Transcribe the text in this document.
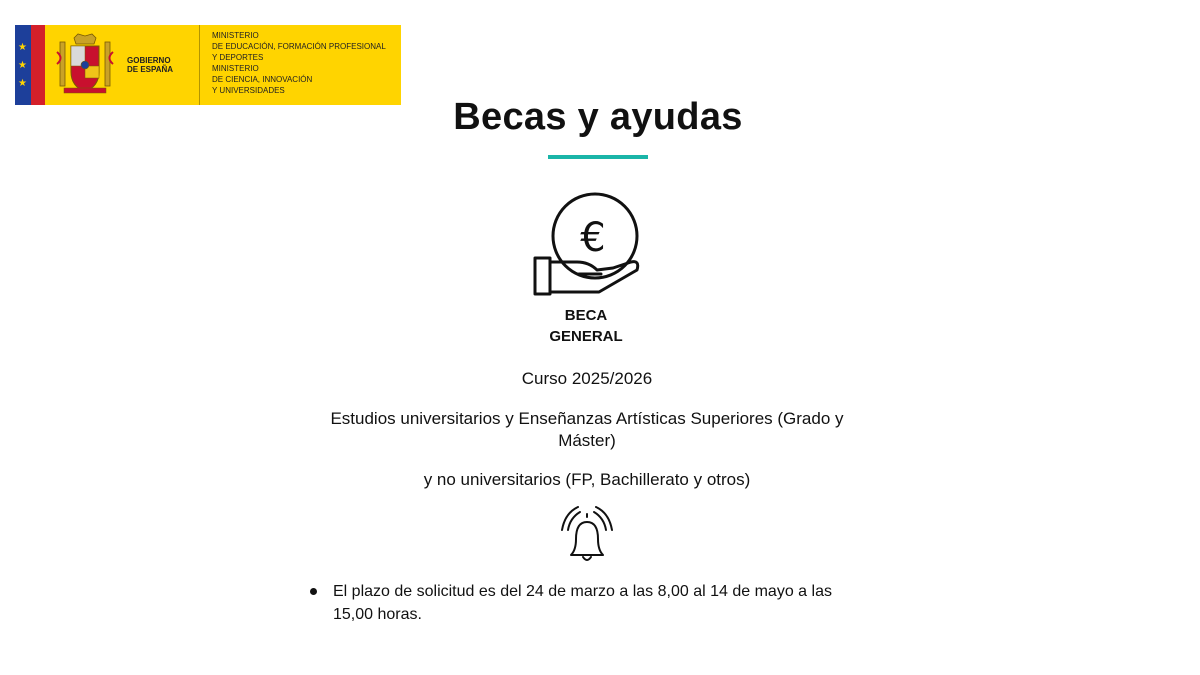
★
★
★
GOBIERNO
DE ESPAÑA
MINISTERIO
DE EDUCACIÓN, FORMACIÓN PROFESIONAL
Y DEPORTES
MINISTERIO
DE CIENCIA, INNOVACIÓN
Y UNIVERSIDADES
Becas y ayudas
€
BECA
GENERAL
Curso 2025/2026
Estudios universitarios y Enseñanzas Artísticas Superiores (Grado y Máster)
y no universitarios (FP, Bachillerato y otros)
El plazo de solicitud es del 24 de marzo a las 8,00 al 14 de mayo a las 15,00 horas.
